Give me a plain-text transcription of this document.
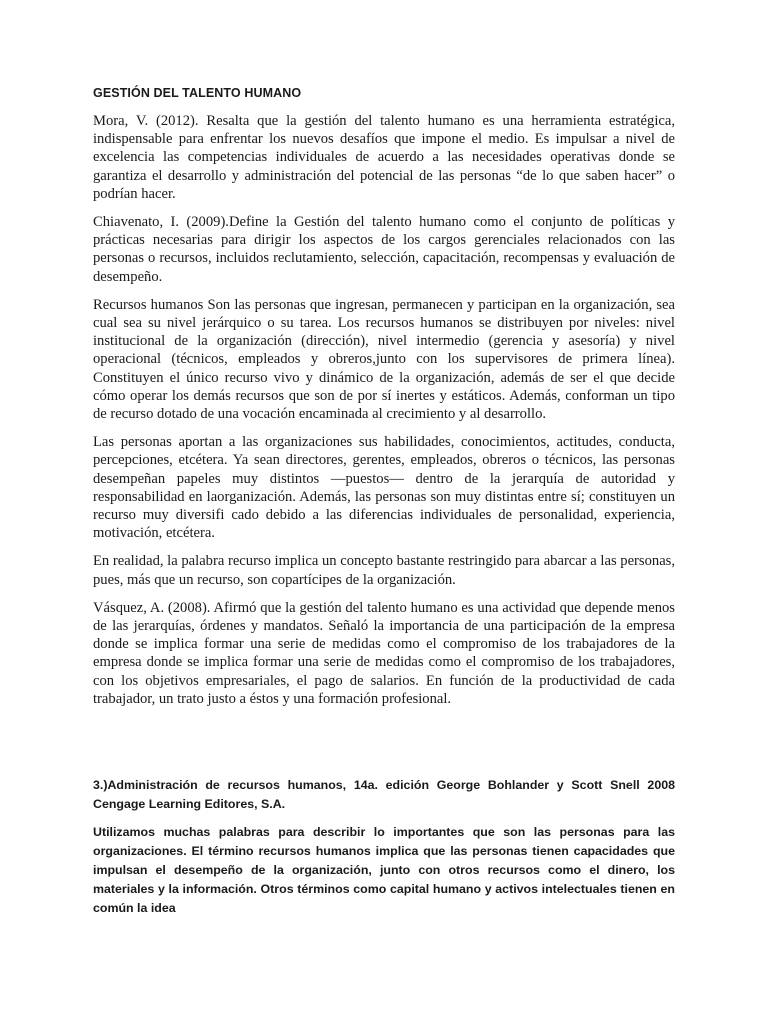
GESTIÓN DEL TALENTO HUMANO

Mora, V. (2012). Resalta que la gestión del talento humano es una herramienta estratégica, indispensable para enfrentar los nuevos desafíos que impone el medio. Es impulsar a nivel de excelencia las competencias individuales de acuerdo a las necesidades operativas donde se garantiza el desarrollo y administración del potencial de las personas “de lo que saben hacer” o podrían hacer.

Chiavenato, I. (2009).Define la Gestión del talento humano como el conjunto de políticas y prácticas necesarias para dirigir los aspectos de los cargos gerenciales relacionados con las personas o recursos, incluidos reclutamiento, selección, capacitación, recompensas y evaluación de desempeño.

Recursos humanos Son las personas que ingresan, permanecen y participan en la organización, sea cual sea su nivel jerárquico o su tarea. Los recursos humanos se distribuyen por niveles: nivel institucional de la organización (dirección), nivel intermedio (gerencia y asesoría) y nivel operacional (técnicos, empleados y obreros,junto con los supervisores de primera línea). Constituyen el único recurso vivo y dinámico de la organización, además de ser el que decide cómo operar los demás recursos que son de por sí inertes y estáticos. Además, conforman un tipo de recurso dotado de una vocación encaminada al crecimiento y al desarrollo.

Las personas aportan a las organizaciones sus habilidades, conocimientos, actitudes, conducta, percepciones, etcétera. Ya sean directores, gerentes, empleados, obreros o técnicos, las personas desempeñan papeles muy distintos —puestos— dentro de la jerarquía de autoridad y responsabilidad en laorganización. Además, las personas son muy distintas entre sí; constituyen un recurso muy diversifi cado debido a las diferencias individuales de personalidad, experiencia, motivación, etcétera.

En realidad, la palabra recurso implica un concepto bastante restringido para abarcar a las personas, pues, más que un recurso, son copartícipes de la organización.

Vásquez, A. (2008). Afirmó que la gestión del talento humano es una actividad que depende menos de las jerarquías, órdenes y mandatos. Señaló la importancia de una participación de la empresa donde se implica formar una serie de medidas como el compromiso de los trabajadores de la empresa donde se implica formar una serie de medidas como el compromiso de los trabajadores, con los objetivos empresariales, el pago de salarios. En función de la productividad de cada trabajador, un trato justo a éstos y una formación profesional.

3.)Administración de recursos humanos, 14a. edición George Bohlander y Scott Snell 2008 Cengage Learning Editores, S.A.

Utilizamos muchas palabras para describir lo importantes que son las personas para las organizaciones. El término recursos humanos implica que las personas tienen capacidades que impulsan el desempeño de la organización, junto con otros recursos como el dinero, los materiales y la información. Otros términos como capital humano y activos intelectuales tienen en común la idea
